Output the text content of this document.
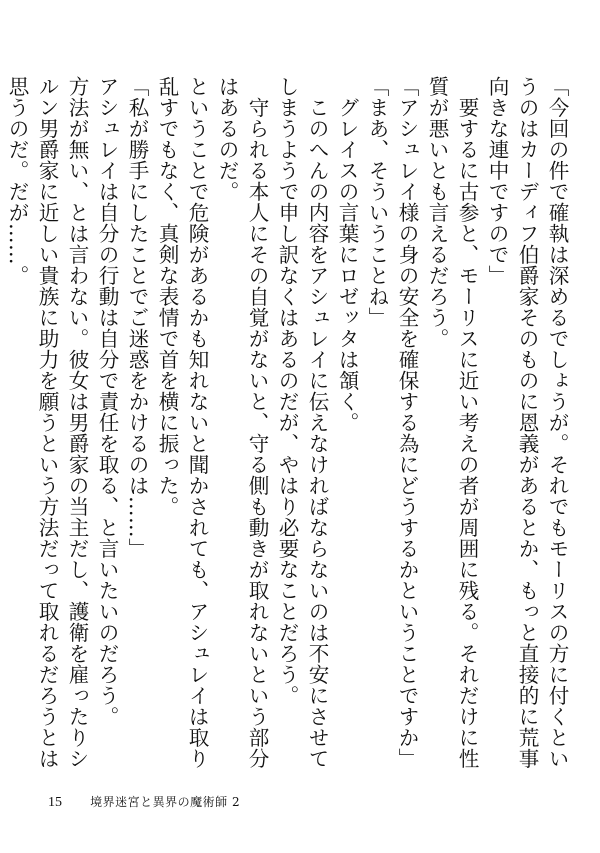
「今回の件で確執は深めるでしょうが。それでもモーリスの方に付くというのはカーディフ伯爵家そのものに恩義があるとか、もっと直接的に荒事向きな連中ですので」

要するに古参と、モーリスに近い考えの者が周囲に残る。それだけに性質が悪いとも言えるだろう。

「アシュレイ様の身の安全を確保する為にどうするかということですか」

「まあ、そういうことね」

グレイスの言葉にロゼッタは頷く。

このへんの内容をアシュレイに伝えなければならないのは不安にさせてしまうようで申し訳なくはあるのだが、やはり必要なことだろう。

守られる本人にその自覚がないと、守る側も動きが取れないという部分はあるのだ。

ということで危険があるかも知れないと聞かされても、アシュレイは取り乱すでもなく、真剣な表情で首を横に振った。

「私が勝手にしたことでご迷惑をかけるのは……」

アシュレイは自分の行動は自分で責任を取る、と言いたいのだろう。

方法が無い、とは言わない。彼女は男爵家の当主だし、護衛を雇ったりシルン男爵家に近しい貴族に助力を願うという方法だって取れるだろうとは思うのだ。だが……。

15 境界迷宮と異界の魔術師 2
